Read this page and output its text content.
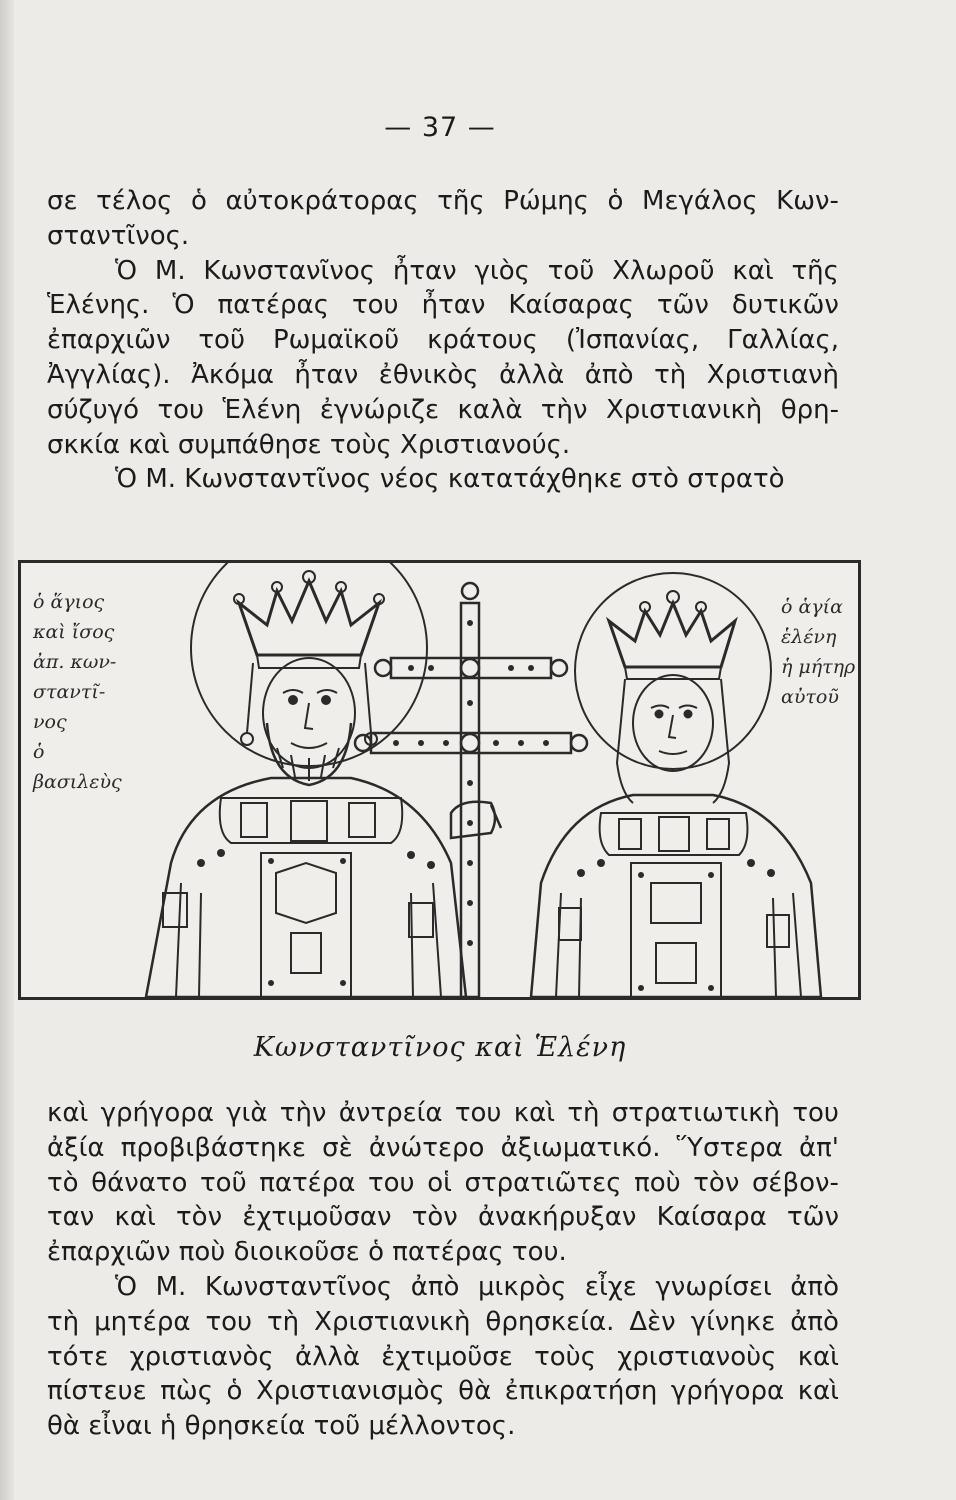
— 37 —
σε τέλος ὁ αὐτοκράτορας τῆς Ρώμης ὁ Μεγάλος Κων-
σταντῖνος.
Ὁ Μ. Κωνστανῖνος ἦταν γιὸς τοῦ Χλωροῦ καὶ τῆς
Ἑλένης. Ὁ πατέρας του ἦταν Καίσαρας τῶν δυτικῶν
ἐπαρχιῶν τοῦ Ρωμαϊκοῦ κράτους (Ἰσπανίας, Γαλλίας,
Ἀγγλίας). Ἀκόμα ἦταν ἐθνικὸς ἀλλὰ ἀπὸ τὴ Χριστιανὴ
σύζυγό του Ἑλένη ἐγνώριζε καλὰ τὴν Χριστιανικὴ θρη-
σκκία καὶ συμπάθησε τοὺς Χριστιανούς.
Ὁ Μ. Κωνσταντῖνος νέος κατατάχθηκε στὸ στρατὸ
ὁ ἅγιος
καὶ ἴσος
ἀπ. κων-
σταντῖ-
νος
ὁ
βασιλεὺς
ὁ ἁγία
ἑλένη
ἡ μήτηρ
αὐτοῦ
Κωνσταντῖνος καὶ Ἑλένη
καὶ γρήγορα γιὰ τὴν ἀντρεία του καὶ τὴ στρατιωτικὴ του
ἀξία προβιβάστηκε σὲ ἀνώτερο ἀξιωματικό. Ὕστερα ἀπ'
τὸ θάνατο τοῦ πατέρα του οἱ στρατιῶτες ποὺ τὸν σέβον-
ταν καὶ τὸν ἐχτιμοῦσαν τὸν ἀνακήρυξαν Καίσαρα τῶν
ἐπαρχιῶν ποὺ διοικοῦσε ὁ πατέρας του.
Ὁ Μ. Κωνσταντῖνος ἀπὸ μικρὸς εἶχε γνωρίσει ἀπὸ
τὴ μητέρα του τὴ Χριστιανικὴ θρησκεία. Δὲν γίνηκε ἀπὸ
τότε χριστιανὸς ἀλλὰ ἐχτιμοῦσε τοὺς χριστιανοὺς καὶ
πίστευε πὼς ὁ Χριστιανισμὸς θὰ ἐπικρατήση γρήγορα καὶ
θὰ εἶναι ἡ θρησκεία τοῦ μέλλοντος.
